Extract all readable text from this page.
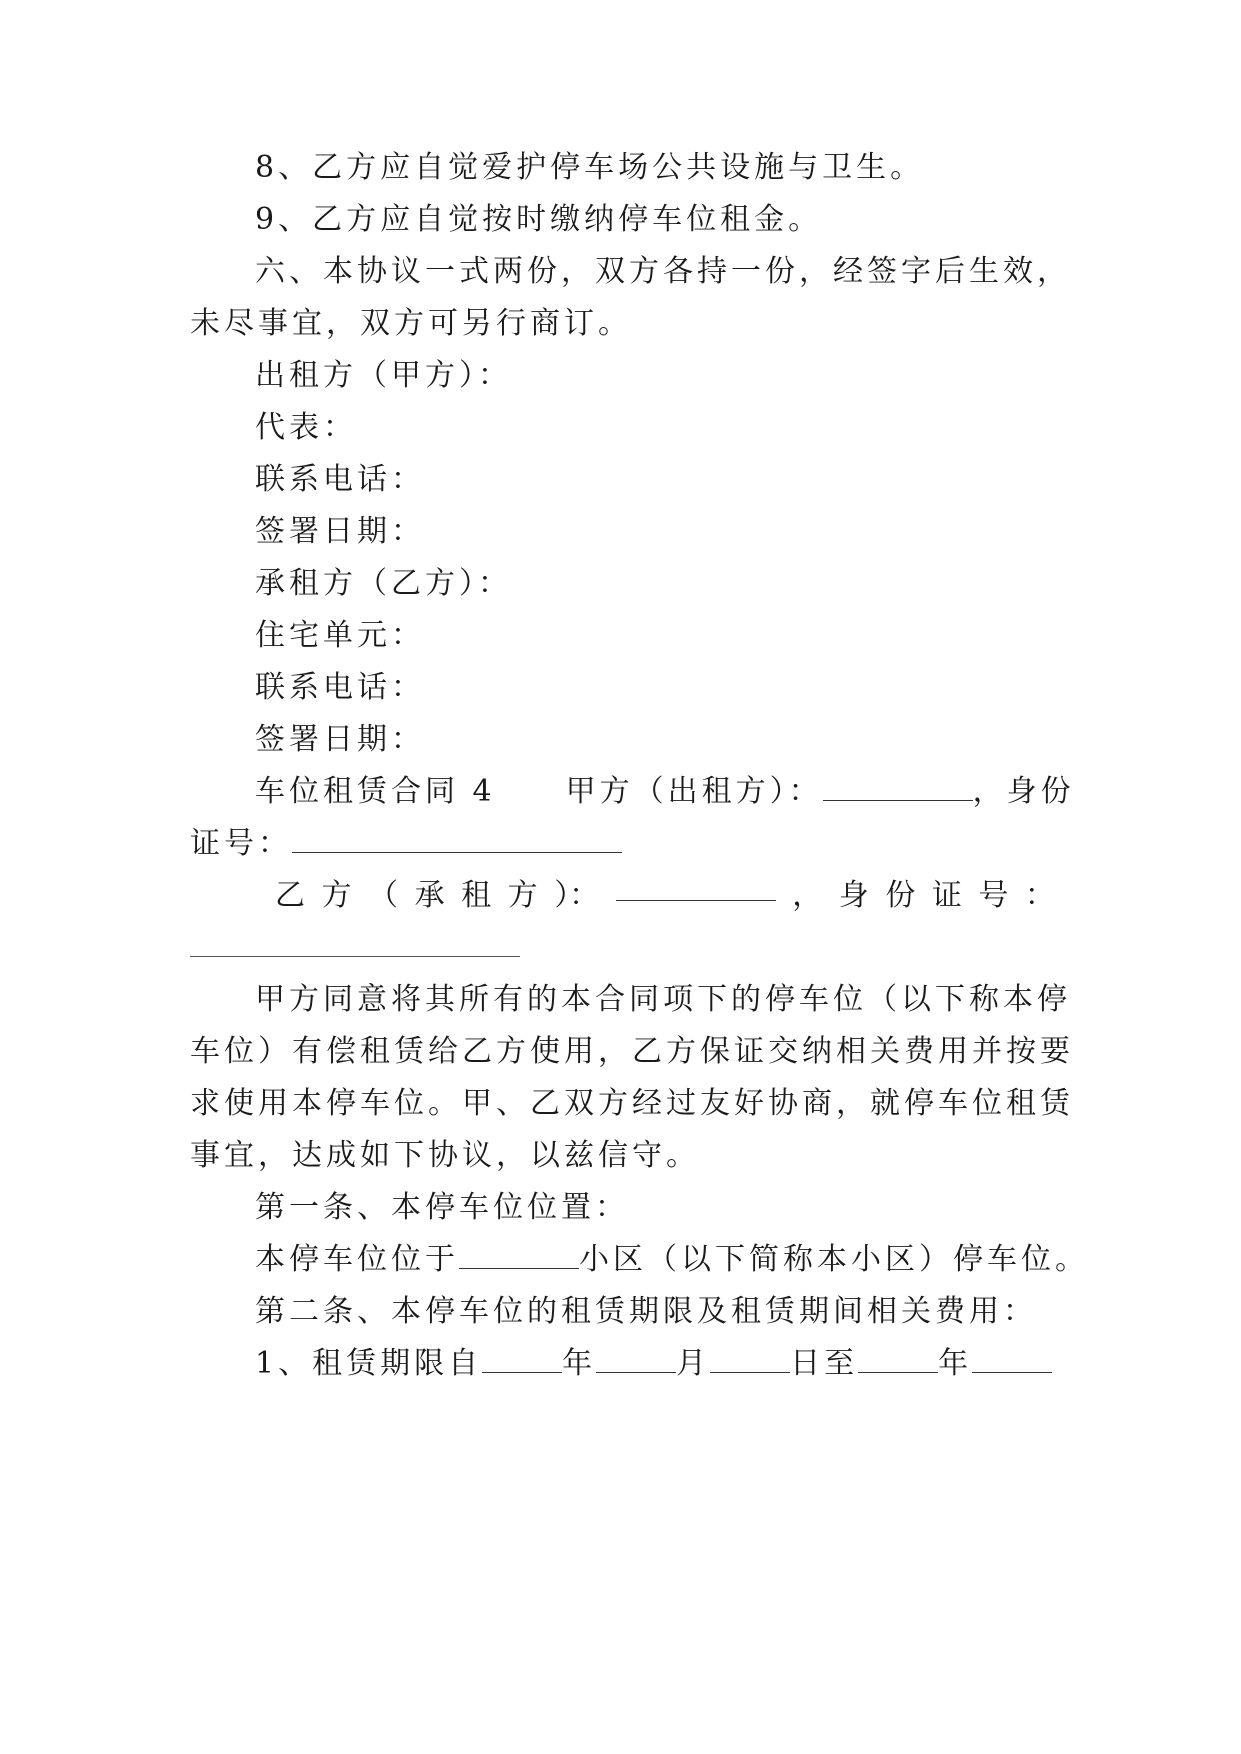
8、乙方应自觉爱护停车场公共设施与卫生。
9、乙方应自觉按时缴纳停车位租金。
六、本协议一式两份，双方各持一份，经签字后生效，
未尽事宜，双方可另行商订。
出租方（甲方）：
代表：
联系电话：
签署日期：
承租方（乙方）：
住宅单元：
联系电话：
签署日期：
车位租赁合同 4 甲方（出租方）：	，身份
证号：
乙 方 （ 承 租 方 ）：	， 身 份 证 号 ：
甲方同意将其所有的本合同项下的停车位（以下称本停
车位）有偿租赁给乙方使用，乙方保证交纳相关费用并按要
求使用本停车位。甲、乙双方经过友好协商，就停车位租赁
事宜，达成如下协议，以兹信守。
第一条、本停车位位置：
本停车位位于	小区（以下简称本小区）停车位。
第二条、本停车位的租赁期限及租赁期间相关费用：
1、租赁期限自	年	月	日至	年
